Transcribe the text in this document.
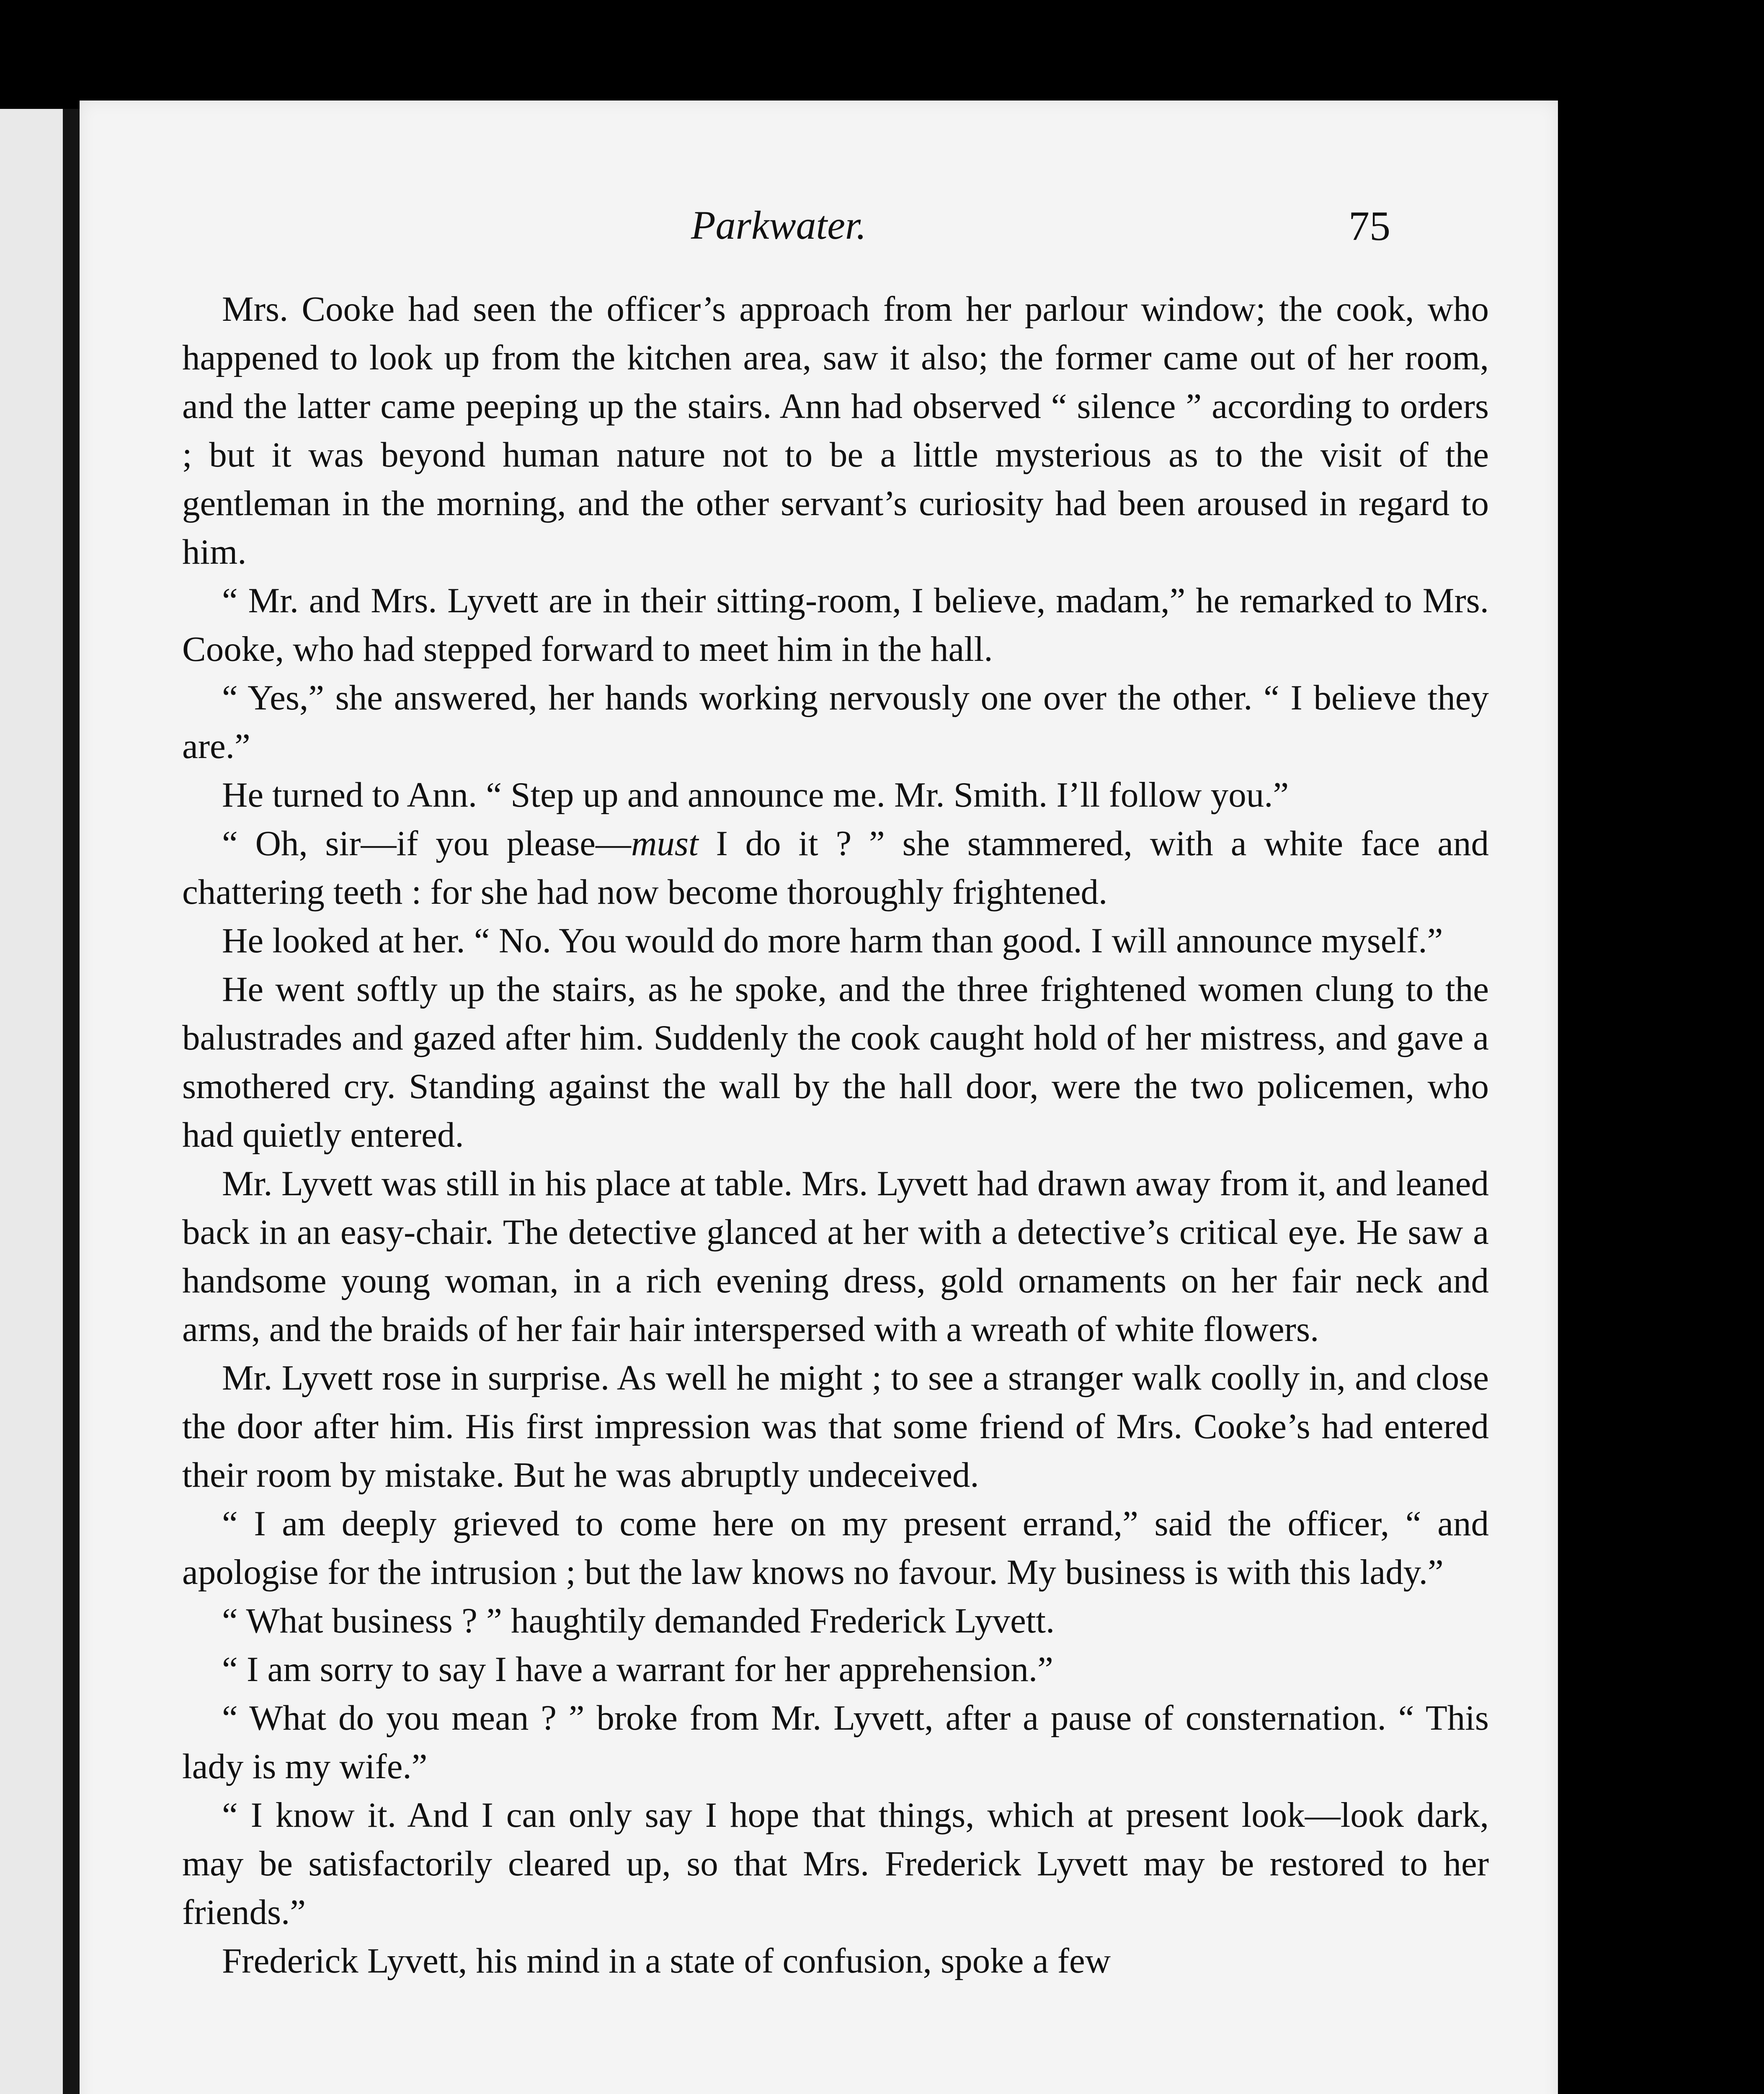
Parkwater.	75

Mrs. Cooke had seen the officer’s approach from her parlour window; the cook, who happened to look up from the kitchen area, saw it also; the former came out of her room, and the latter came peeping up the stairs. Ann had observed “ silence ” according to orders ; but it was beyond human nature not to be a little mysterious as to the visit of the gentleman in the morning, and the other servant’s curiosity had been aroused in regard to him.

“ Mr. and Mrs. Lyvett are in their sitting-room, I believe, madam,” he remarked to Mrs. Cooke, who had stepped forward to meet him in the hall.

“ Yes,” she answered, her hands working nervously one over the other. “ I believe they are.”

He turned to Ann. “ Step up and announce me. Mr. Smith. I’ll follow you.”

“ Oh, sir—if you please—must I do it ? ” she stammered, with a white face and chattering teeth : for she had now become thoroughly frightened.

He looked at her. “ No. You would do more harm than good. I will announce myself.”

He went softly up the stairs, as he spoke, and the three frightened women clung to the balustrades and gazed after him. Suddenly the cook caught hold of her mistress, and gave a smothered cry. Standing against the wall by the hall door, were the two policemen, who had quietly entered.

Mr. Lyvett was still in his place at table. Mrs. Lyvett had drawn away from it, and leaned back in an easy-chair. The detective glanced at her with a detective’s critical eye. He saw a handsome young woman, in a rich evening dress, gold ornaments on her fair neck and arms, and the braids of her fair hair interspersed with a wreath of white flowers.

Mr. Lyvett rose in surprise. As well he might ; to see a stranger walk coolly in, and close the door after him. His first impression was that some friend of Mrs. Cooke’s had entered their room by mistake. But he was abruptly undeceived.

“ I am deeply grieved to come here on my present errand,” said the officer, “ and apologise for the intrusion ; but the law knows no favour. My business is with this lady.”

“ What business ? ” haughtily demanded Frederick Lyvett.

“ I am sorry to say I have a warrant for her apprehension.”

“ What do you mean ? ” broke from Mr. Lyvett, after a pause of consternation. “ This lady is my wife.”

“ I know it. And I can only say I hope that things, which at present look—look dark, may be satisfactorily cleared up, so that Mrs. Frederick Lyvett may be restored to her friends.”

Frederick Lyvett, his mind in a state of confusion, spoke a few
